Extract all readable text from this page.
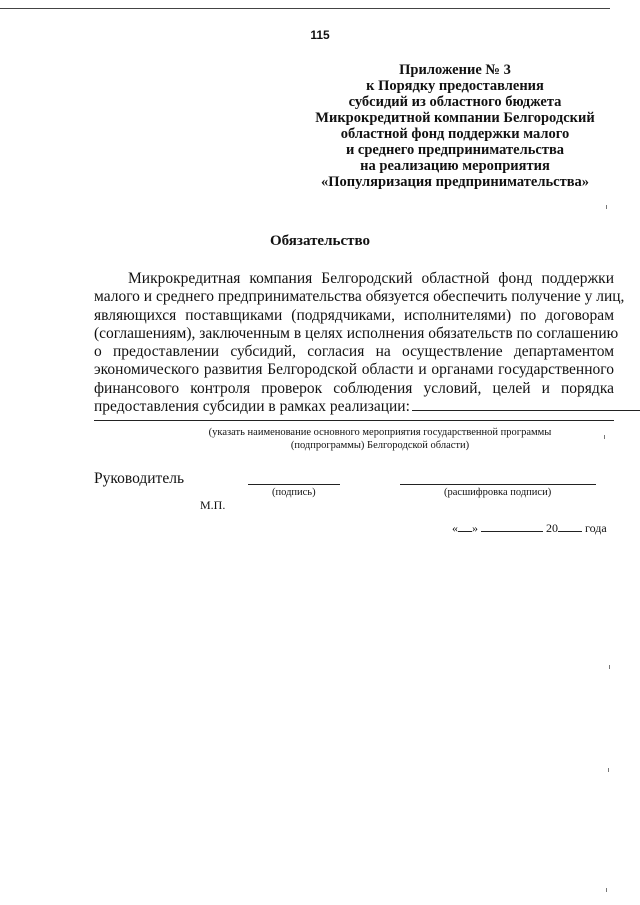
115
Приложение № 3
к Порядку предоставления
субсидий из областного бюджета
Микрокредитной компании Белгородский
областной фонд поддержки малого
и среднего предпринимательства
на реализацию мероприятия
«Популяризация предпринимательства»
Обязательство
Микрокредитная компания Белгородский областной фонд поддержки
малого и среднего предпринимательства обязуется обеспечить получение у лиц,
являющихся поставщиками (подрядчиками, исполнителями) по договорам
(соглашениям), заключенным в целях исполнения обязательств по соглашению
о предоставлении субсидий, согласия на осуществление департаментом
экономического развития Белгородской области и органами государственного
финансового контроля проверок соблюдения условий, целей и порядка
предоставления субсидии в рамках реализации:
(указать наименование основного мероприятия государственной программы
(подпрограммы) Белгородской области)
Руководитель
(подпись)	(расшифровка подписи)
М.П.
« »	20 года
